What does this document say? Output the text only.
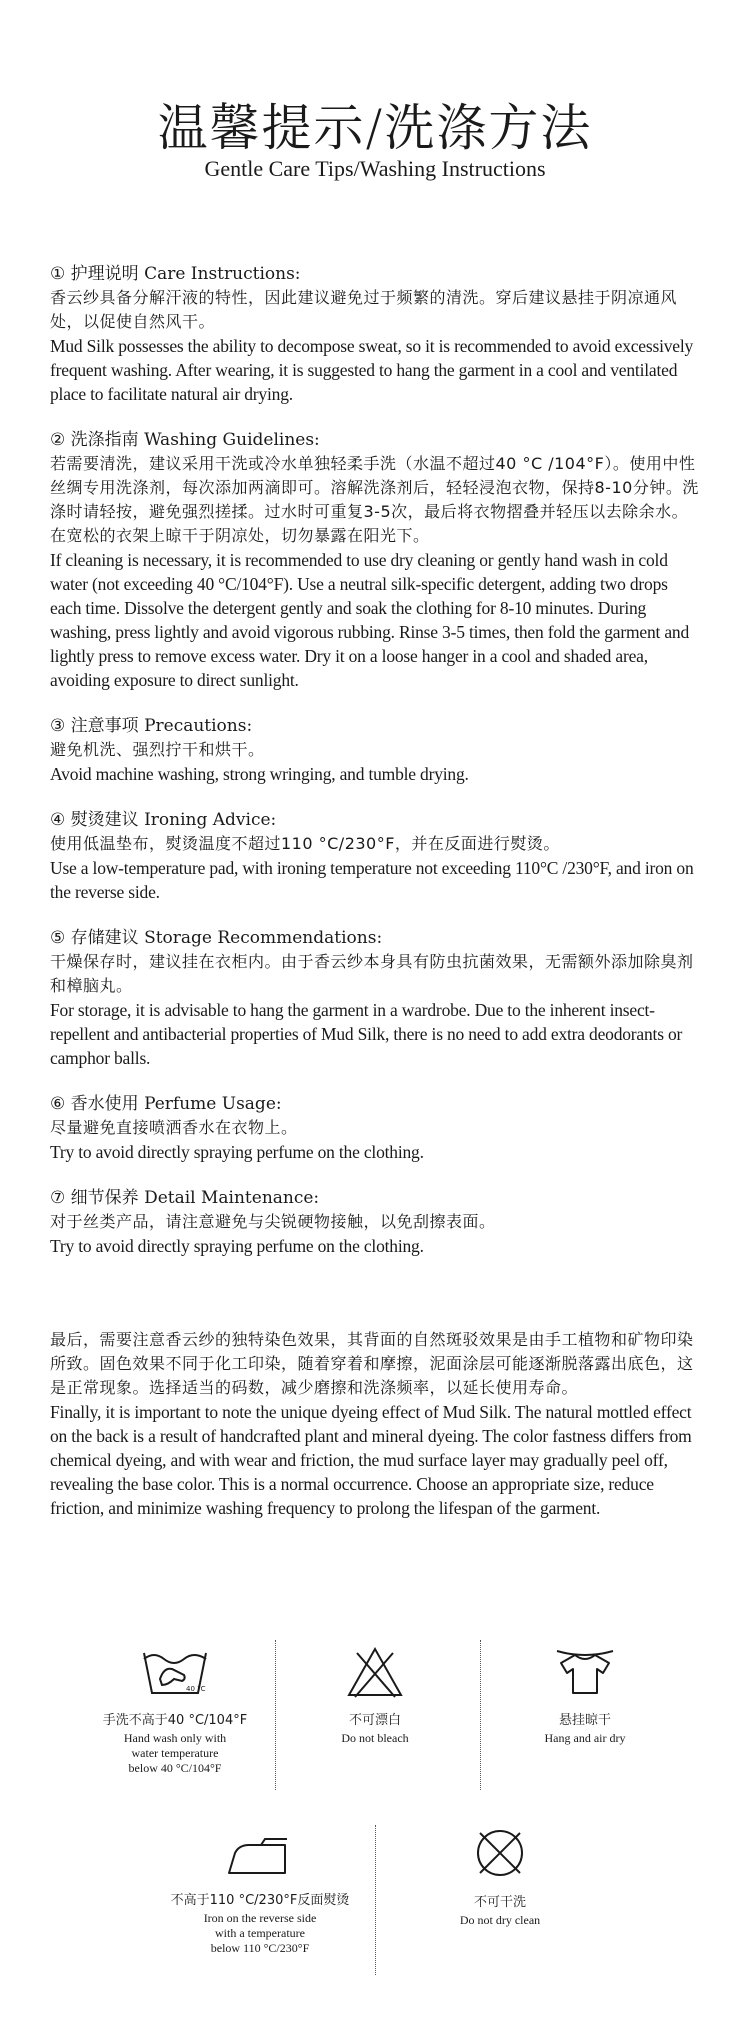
温馨提示/洗涤方法
Gentle Care Tips/Washing Instructions
① 护理说明 Care Instructions:
香云纱具备分解汗液的特性，因此建议避免过于频繁的清洗。穿后建议悬挂于阴凉通风处，以促使自然风干。
Mud Silk possesses the ability to decompose sweat, so it is recommended to avoid excessively frequent washing. After wearing, it is suggested to hang the garment in a cool and ventilated place to facilitate natural air drying.
② 洗涤指南 Washing Guidelines:
若需要清洗，建议采用干洗或冷水单独轻柔手洗（水温不超过40 °C /104°F）。使用中性丝绸专用洗涤剂，每次添加两滴即可。溶解洗涤剂后，轻轻浸泡衣物，保持8-10分钟。洗涤时请轻按，避免强烈搓揉。过水时可重复3-5次，最后将衣物摺叠并轻压以去除余水。在宽松的衣架上晾干于阴凉处，切勿暴露在阳光下。
If cleaning is necessary, it is recommended to use dry cleaning or gently hand wash in cold water (not exceeding 40 °C/104°F). Use a neutral silk-specific detergent, adding two drops each time. Dissolve the detergent gently and soak the clothing for 8-10 minutes. During washing, press lightly and avoid vigorous rubbing. Rinse 3-5 times, then fold the garment and lightly press to remove excess water. Dry it on a loose hanger in a cool and shaded area, avoiding exposure to direct sunlight.
③ 注意事项 Precautions:
避免机洗、强烈拧干和烘干。
Avoid machine washing, strong wringing, and tumble drying.
④ 熨烫建议 Ironing Advice:
使用低温垫布，熨烫温度不超过110 °C/230°F，并在反面进行熨烫。
Use a low-temperature pad, with ironing temperature not exceeding 110°C /230°F, and iron on the reverse side.
⑤ 存储建议 Storage Recommendations:
干燥保存时，建议挂在衣柜内。由于香云纱本身具有防虫抗菌效果，无需额外添加除臭剂和樟脑丸。
For storage, it is advisable to hang the garment in a wardrobe. Due to the inherent insect-repellent and antibacterial properties of Mud Silk, there is no need to add extra deodorants or camphor balls.
⑥ 香水使用 Perfume Usage:
尽量避免直接喷洒香水在衣物上。
Try to avoid directly spraying perfume on the clothing.
⑦ 细节保养 Detail Maintenance:
对于丝类产品，请注意避免与尖锐硬物接触，以免刮擦表面。
Try to avoid directly spraying perfume on the clothing.
最后，需要注意香云纱的独特染色效果，其背面的自然斑驳效果是由手工植物和矿物印染所致。固色效果不同于化工印染，随着穿着和摩擦，泥面涂层可能逐渐脱落露出底色，这是正常现象。选择适当的码数，减少磨擦和洗涤频率，以延长使用寿命。
Finally, it is important to note the unique dyeing effect of Mud Silk. The natural mottled effect on the back is a result of handcrafted plant and mineral dyeing. The color fastness differs from chemical dyeing, and with wear and friction, the mud surface layer may gradually peel off, revealing the base color. This is a normal occurrence. Choose an appropriate size, reduce friction, and minimize washing frequency to prolong the lifespan of the garment.
40 °C
手洗不高于40 °C/104°F
Hand wash only with
water temperature
below 40 °C/104°F
不可漂白
Do not bleach
悬挂晾干
Hang and air dry
不高于110 °C/230°F反面熨烫
Iron on the reverse side
with a temperature
below 110 °C/230°F
不可干洗
Do not dry clean
